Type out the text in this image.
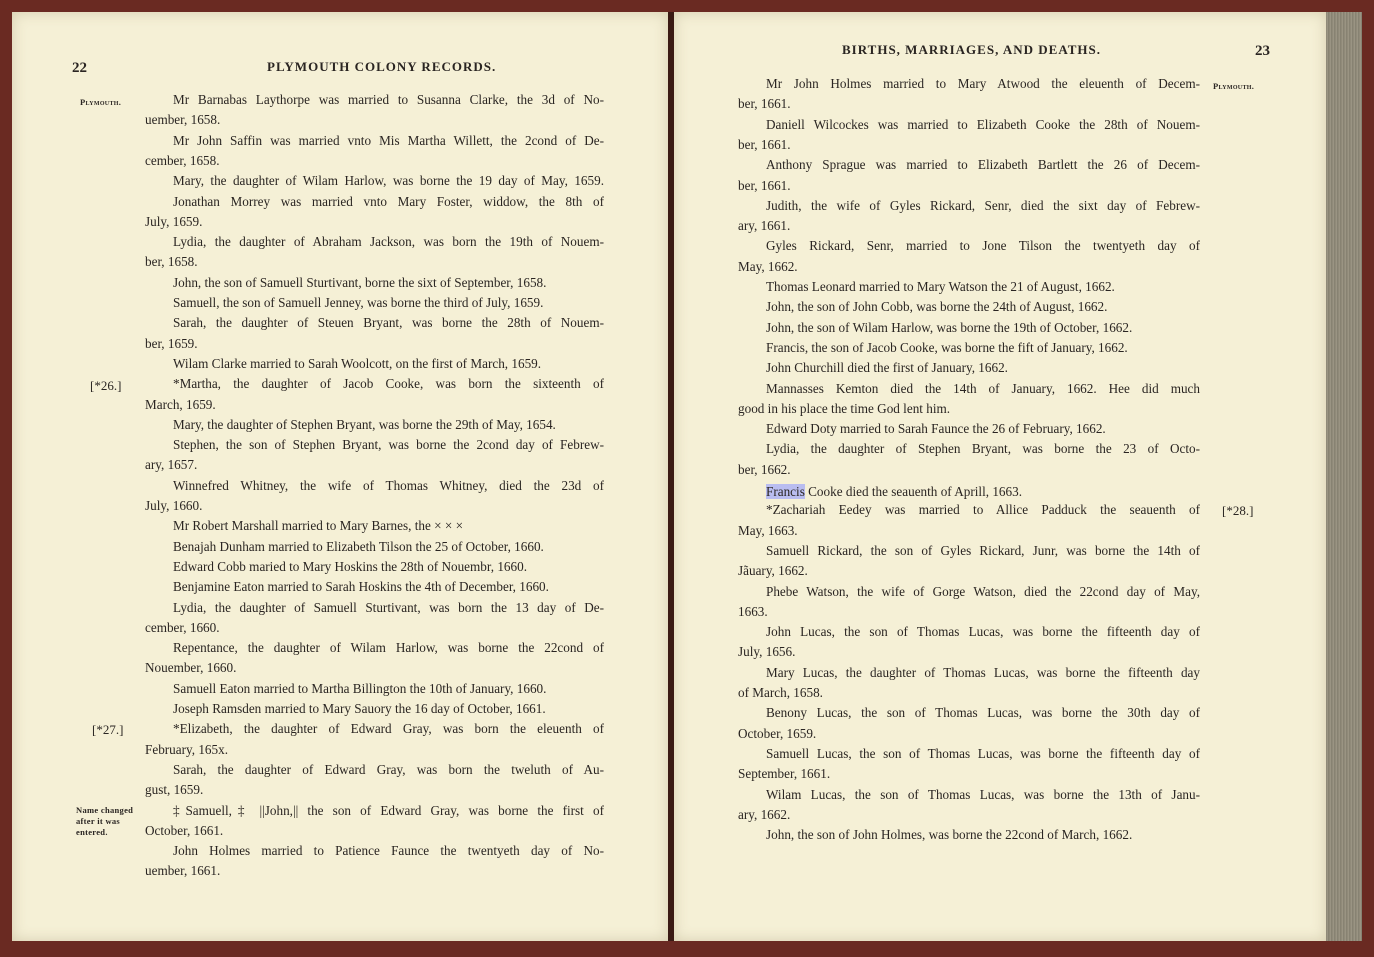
22	PLYMOUTH COLONY RECORDS.
Plymouth.
[*26.]
[*27.]
Name changed
after it was
entered.
Mr Barnabas Laythorpe was married to Susanna Clarke, the 3d of No-
uember, 1658.
Mr John Saffin was married vnto Mis Martha Willett, the 2cond of De-
cember, 1658.
Mary, the daughter of Wilam Harlow, was borne the 19 day of May, 1659.
Jonathan Morrey was married vnto Mary Foster, widdow, the 8th of
July, 1659.
Lydia, the daughter of Abraham Jackson, was born the 19th of Nouem-
ber, 1658.
John, the son of Samuell Sturtivant, borne the sixt of September, 1658.
Samuell, the son of Samuell Jenney, was borne the third of July, 1659.
Sarah, the daughter of Steuen Bryant, was borne the 28th of Nouem-
ber, 1659.
Wilam Clarke married to Sarah Woolcott, on the first of March, 1659.
*Martha, the daughter of Jacob Cooke, was born the sixteenth of
March, 1659.
Mary, the daughter of Stephen Bryant, was borne the 29th of May, 1654.
Stephen, the son of Stephen Bryant, was borne the 2cond day of Febrew-
ary, 1657.
Winnefred Whitney, the wife of Thomas Whitney, died the 23d of
July, 1660.
Mr Robert Marshall married to Mary Barnes, the × × ×
Benajah Dunham married to Elizabeth Tilson the 25 of October, 1660.
Edward Cobb maried to Mary Hoskins the 28th of Nouembr, 1660.
Benjamine Eaton married to Sarah Hoskins the 4th of December, 1660.
Lydia, the daughter of Samuell Sturtivant, was born the 13 day of De-
cember, 1660.
Repentance, the daughter of Wilam Harlow, was borne the 22cond of
Nouember, 1660.
Samuell Eaton married to Martha Billington the 10th of January, 1660.
Joseph Ramsden married to Mary Sauory the 16 day of October, 1661.
*Elizabeth, the daughter of Edward Gray, was born the eleuenth of
February, 165x.
Sarah, the daughter of Edward Gray, was born the tweluth of Au-
gust, 1659.
‡Samuell,‡ ||John,|| the son of Edward Gray, was borne the first of
October, 1661.
John Holmes married to Patience Faunce the twentyeth day of No-
uember, 1661.
BIRTHS, MARRIAGES, AND DEATHS.	23
Plymouth.
[*28.]
Mr John Holmes married to Mary Atwood the eleuenth of Decem-
ber, 1661.
Daniell Wilcockes was married to Elizabeth Cooke the 28th of Nouem-
ber, 1661.
Anthony Sprague was married to Elizabeth Bartlett the 26 of Decem-
ber, 1661.
Judith, the wife of Gyles Rickard, Senr, died the sixt day of Febrew-
ary, 1661.
Gyles Rickard, Senr, married to Jone Tilson the twentyeth day of
May, 1662.
Thomas Leonard married to Mary Watson the 21 of August, 1662.
John, the son of John Cobb, was borne the 24th of August, 1662.
John, the son of Wilam Harlow, was borne the 19th of October, 1662.
Francis, the son of Jacob Cooke, was borne the fift of January, 1662.
John Churchill died the first of January, 1662.
Mannasses Kemton died the 14th of January, 1662. Hee did much
good in his place the time God lent him.
Edward Doty married to Sarah Faunce the 26 of February, 1662.
Lydia, the daughter of Stephen Bryant, was borne the 23 of Octo-
ber, 1662.
*Zachariah Eedey was married to Allice Padduck the seauenth of
May, 1663.
Samuell Rickard, the son of Gyles Rickard, Junr, was borne the 14th of
Jãuary, 1662.
Phebe Watson, the wife of Gorge Watson, died the 22cond day of May,
1663.
John Lucas, the son of Thomas Lucas, was borne the fifteenth day of
July, 1656.
Mary Lucas, the daughter of Thomas Lucas, was borne the fifteenth day
of March, 1658.
Benony Lucas, the son of Thomas Lucas, was borne the 30th day of
October, 1659.
Samuell Lucas, the son of Thomas Lucas, was borne the fifteenth day of
September, 1661.
Wilam Lucas, the son of Thomas Lucas, was borne the 13th of Janu-
ary, 1662.
John, the son of John Holmes, was borne the 22cond of March, 1662.
Francis Cooke died the seauenth of Aprill, 1663.
